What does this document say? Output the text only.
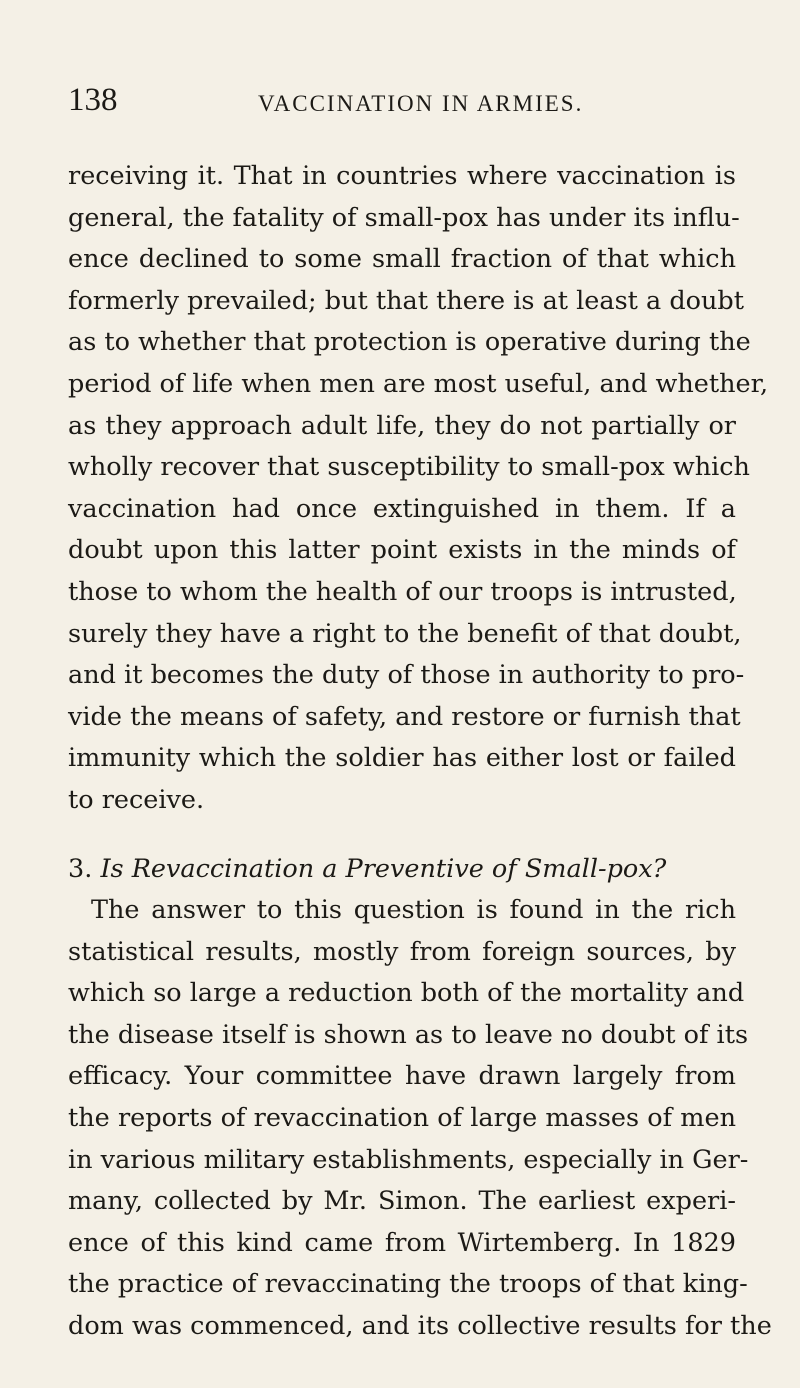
138	VACCINATION IN ARMIES.
receiving it. That in countries where vaccination is
general, the fatality of small-pox has under its influ-
ence declined to some small fraction of that which
formerly prevailed; but that there is at least a doubt
as to whether that protection is operative during the
period of life when men are most useful, and whether,
as they approach adult life, they do not partially or
wholly recover that susceptibility to small-pox which
vaccination had once extinguished in them. If a
doubt upon this latter point exists in the minds of
those to whom the health of our troops is intrusted,
surely they have a right to the benefit of that doubt,
and it becomes the duty of those in authority to pro-
vide the means of safety, and restore or furnish that
immunity which the soldier has either lost or failed
to receive.
3. Is Revaccination a Preventive of Small-pox?
The answer to this question is found in the rich
statistical results, mostly from foreign sources, by
which so large a reduction both of the mortality and
the disease itself is shown as to leave no doubt of its
efficacy. Your committee have drawn largely from
the reports of revaccination of large masses of men
in various military establishments, especially in Ger-
many, collected by Mr. Simon. The earliest experi-
ence of this kind came from Wirtemberg. In 1829
the practice of revaccinating the troops of that king-
dom was commenced, and its collective results for the
